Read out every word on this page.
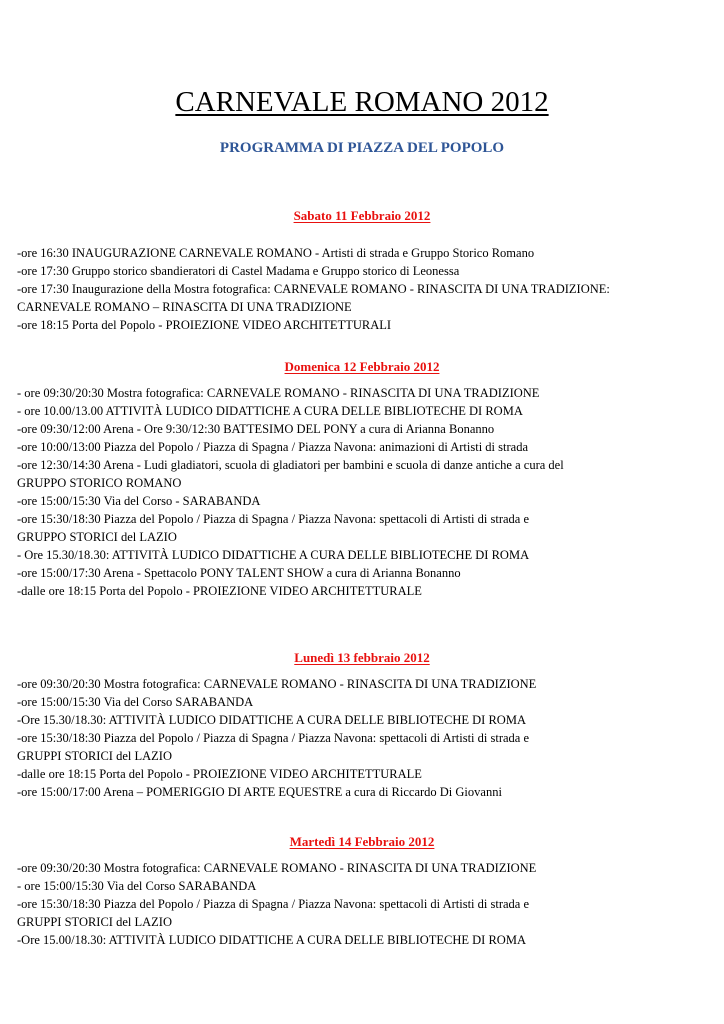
CARNEVALE ROMANO 2012
PROGRAMMA DI PIAZZA DEL POPOLO
Sabato 11 Febbraio 2012
-ore 16:30 INAUGURAZIONE CARNEVALE ROMANO - Artisti di strada e Gruppo Storico Romano
-ore 17:30 Gruppo storico sbandieratori di Castel Madama e Gruppo storico di Leonessa
-ore 17:30 Inaugurazione della Mostra fotografica: CARNEVALE ROMANO - RINASCITA DI UNA TRADIZIONE:
CARNEVALE ROMANO – RINASCITA DI UNA TRADIZIONE
-ore 18:15 Porta del Popolo - PROIEZIONE VIDEO ARCHITETTURALI
Domenica 12 Febbraio 2012
- ore 09:30/20:30 Mostra fotografica: CARNEVALE ROMANO - RINASCITA DI UNA TRADIZIONE
- ore 10.00/13.00 ATTIVITÀ LUDICO DIDATTICHE A CURA DELLE BIBLIOTECHE DI ROMA
-ore 09:30/12:00 Arena - Ore 9:30/12:30 BATTESIMO DEL PONY a cura di Arianna Bonanno
-ore 10:00/13:00 Piazza del Popolo / Piazza di Spagna / Piazza Navona: animazioni di Artisti di strada
-ore 12:30/14:30 Arena - Ludi gladiatori, scuola di gladiatori per bambini e scuola di danze antiche a cura del
GRUPPO STORICO ROMANO
-ore 15:00/15:30 Via del Corso - SARABANDA
-ore 15:30/18:30 Piazza del Popolo / Piazza di Spagna / Piazza Navona: spettacoli di Artisti di strada e
GRUPPO STORICI del LAZIO
- Ore 15.30/18.30: ATTIVITÀ LUDICO DIDATTICHE A CURA DELLE BIBLIOTECHE DI ROMA
-ore 15:00/17:30 Arena - Spettacolo PONY TALENT SHOW a cura di Arianna Bonanno
-dalle ore 18:15 Porta del Popolo - PROIEZIONE VIDEO ARCHITETTURALE
Lunedì 13 febbraio 2012
-ore 09:30/20:30 Mostra fotografica: CARNEVALE ROMANO - RINASCITA DI UNA TRADIZIONE
-ore 15:00/15:30 Via del Corso SARABANDA
-Ore 15.30/18.30: ATTIVITÀ LUDICO DIDATTICHE A CURA DELLE BIBLIOTECHE DI ROMA
-ore 15:30/18:30 Piazza del Popolo / Piazza di Spagna / Piazza Navona: spettacoli di Artisti di strada e
GRUPPI STORICI del LAZIO
-dalle ore 18:15 Porta del Popolo - PROIEZIONE VIDEO ARCHITETTURALE
-ore 15:00/17:00 Arena – POMERIGGIO DI ARTE EQUESTRE a cura di Riccardo Di Giovanni
Martedì 14 Febbraio 2012
-ore 09:30/20:30 Mostra fotografica: CARNEVALE ROMANO - RINASCITA DI UNA TRADIZIONE
- ore 15:00/15:30 Via del Corso SARABANDA
-ore 15:30/18:30 Piazza del Popolo / Piazza di Spagna / Piazza Navona: spettacoli di Artisti di strada e
GRUPPI STORICI del LAZIO
-Ore 15.00/18.30: ATTIVITÀ LUDICO DIDATTICHE A CURA DELLE BIBLIOTECHE DI ROMA
